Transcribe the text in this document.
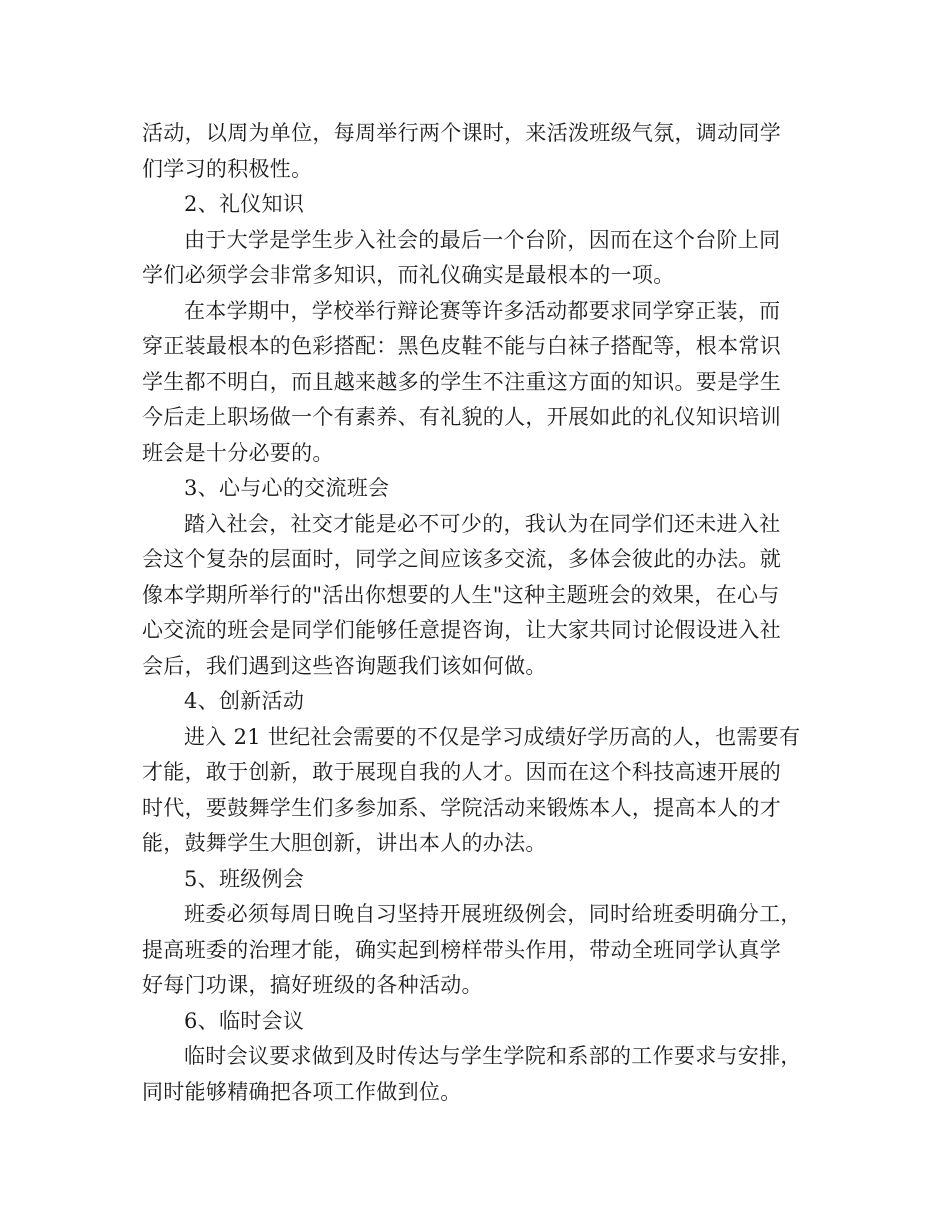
活动，以周为单位，每周举行两个课时，来活泼班级气氛，调动同学
们学习的积极性。
2、礼仪知识
由于大学是学生步入社会的最后一个台阶，因而在这个台阶上同
学们必须学会非常多知识，而礼仪确实是最根本的一项。
在本学期中，学校举行辩论赛等许多活动都要求同学穿正装，而
穿正装最根本的色彩搭配：黑色皮鞋不能与白袜子搭配等，根本常识
学生都不明白，而且越来越多的学生不注重这方面的知识。要是学生
今后走上职场做一个有素养、有礼貌的人，开展如此的礼仪知识培训
班会是十分必要的。
3、心与心的交流班会
踏入社会，社交才能是必不可少的，我认为在同学们还未进入社
会这个复杂的层面时，同学之间应该多交流，多体会彼此的办法。就
像本学期所举行的"活出你想要的人生"这种主题班会的效果，在心与
心交流的班会是同学们能够任意提咨询，让大家共同讨论假设进入社
会后，我们遇到这些咨询题我们该如何做。
4、创新活动
进入 21 世纪社会需要的不仅是学习成绩好学历高的人，也需要有
才能，敢于创新，敢于展现自我的人才。因而在这个科技高速开展的
时代，要鼓舞学生们多参加系、学院活动来锻炼本人，提高本人的才
能，鼓舞学生大胆创新，讲出本人的办法。
5、班级例会
班委必须每周日晚自习坚持开展班级例会，同时给班委明确分工，
提高班委的治理才能，确实起到榜样带头作用，带动全班同学认真学
好每门功课，搞好班级的各种活动。
6、临时会议
临时会议要求做到及时传达与学生学院和系部的工作要求与安排，
同时能够精确把各项工作做到位。
